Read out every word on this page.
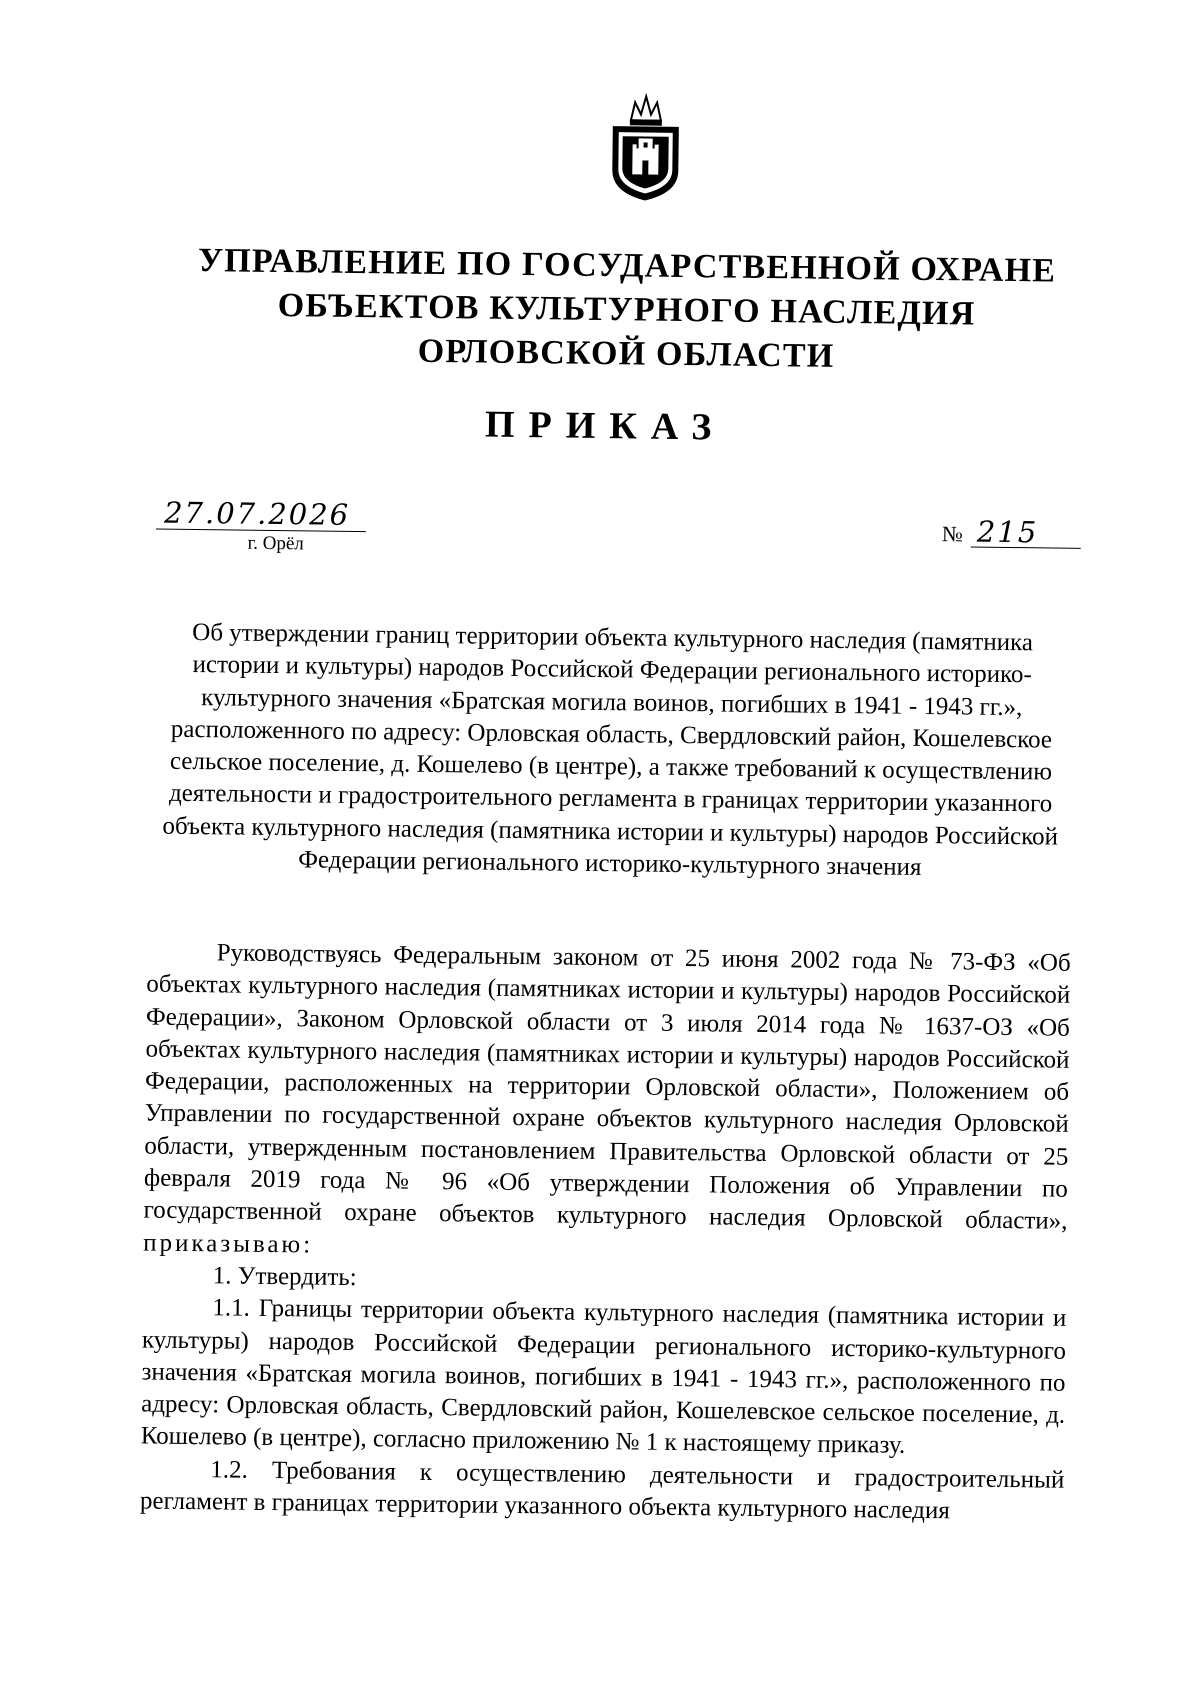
УПРАВЛЕНИЕ ПО ГОСУДАРСТВЕННОЙ ОХРАНЕ
ОБЪЕКТОВ КУЛЬТУРНОГО НАСЛЕДИЯ
ОРЛОВСКОЙ ОБЛАСТИ
ПРИКАЗ
27.07.2026
г. Орёл	№ 215
Об утверждении границ территории объекта культурного наследия (памятника истории и культуры) народов Российской Федерации регионального историко-культурного значения «Братская могила воинов, погибших в 1941 - 1943 гг.», расположенного по адресу: Орловская область, Свердловский район, Кошелевское сельское поселение, д. Кошелево (в центре), а также требований к осуществлению деятельности и градостроительного регламента в границах территории указанного объекта культурного наследия (памятника истории и культуры) народов Российской Федерации регионального историко-культурного значения

Руководствуясь Федеральным законом от 25 июня 2002 года № 73-ФЗ «Об объектах культурного наследия (памятниках истории и культуры) народов Российской Федерации», Законом Орловской области от 3 июля 2014 года № 1637-ОЗ «Об объектах культурного наследия (памятниках истории и культуры) народов Российской Федерации, расположенных на территории Орловской области», Положением об Управлении по государственной охране объектов культурного наследия Орловской области, утвержденным постановлением Правительства Орловской области от 25 февраля 2019 года № 96 «Об утверждении Положения об Управлении по государственной охране объектов культурного наследия Орловской области», приказываю:

1. Утвердить:

1.1. Границы территории объекта культурного наследия (памятника истории и культуры) народов Российской Федерации регионального историко-культурного значения «Братская могила воинов, погибших в 1941 - 1943 гг.», расположенного по адресу: Орловская область, Свердловский район, Кошелевское сельское поселение, д. Кошелево (в центре), согласно приложению № 1 к настоящему приказу.

1.2. Требования к осуществлению деятельности и градостроительный регламент в границах территории указанного объекта культурного наследия
